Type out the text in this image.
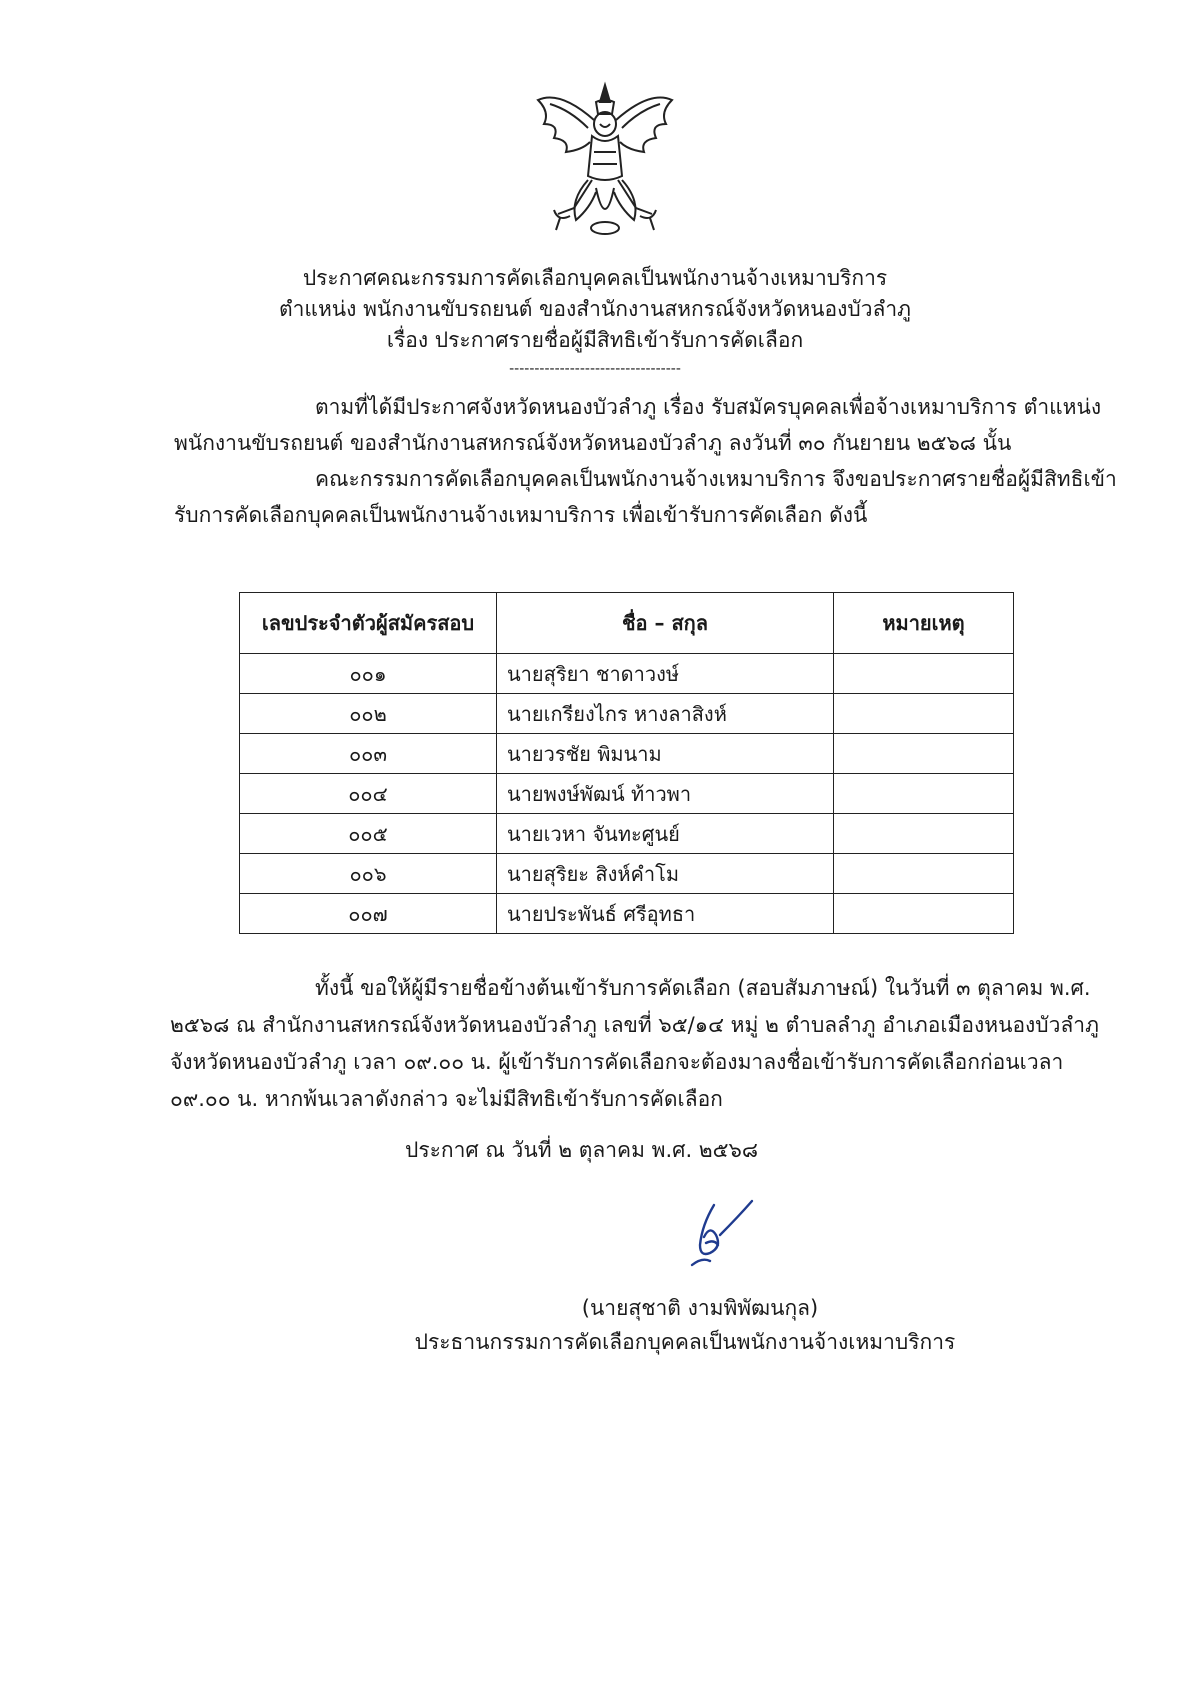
ประกาศคณะกรรมการคัดเลือกบุคคลเป็นพนักงานจ้างเหมาบริการ
ตำแหน่ง พนักงานขับรถยนต์ ของสำนักงานสหกรณ์จังหวัดหนองบัวลำภู
เรื่อง ประกาศรายชื่อผู้มีสิทธิเข้ารับการคัดเลือก
----------------------------------
ตามที่ได้มีประกาศจังหวัดหนองบัวลำภู เรื่อง รับสมัครบุคคลเพื่อจ้างเหมาบริการ ตำแหน่ง
พนักงานขับรถยนต์ ของสำนักงานสหกรณ์จังหวัดหนองบัวลำภู ลงวันที่ ๓๐ กันยายน ๒๕๖๘ นั้น
คณะกรรมการคัดเลือกบุคคลเป็นพนักงานจ้างเหมาบริการ จึงขอประกาศรายชื่อผู้มีสิทธิเข้า
รับการคัดเลือกบุคคลเป็นพนักงานจ้างเหมาบริการ เพื่อเข้ารับการคัดเลือก ดังนี้
เลขประจำตัวผู้สมัครสอบ	ชื่อ – สกุล	หมายเหตุ
๐๐๑	นายสุริยา ชาดาวงษ์	
๐๐๒	นายเกรียงไกร หางลาสิงห์	
๐๐๓	นายวรชัย พิมนาม	
๐๐๔	นายพงษ์พัฒน์ ท้าวพา	
๐๐๕	นายเวหา จันทะศูนย์	
๐๐๖	นายสุริยะ สิงห์คำโม	
๐๐๗	นายประพันธ์ ศรีอุทธา	
ทั้งนี้ ขอให้ผู้มีรายชื่อข้างต้นเข้ารับการคัดเลือก (สอบสัมภาษณ์) ในวันที่ ๓ ตุลาคม พ.ศ.
๒๕๖๘ ณ สำนักงานสหกรณ์จังหวัดหนองบัวลำภู เลขที่ ๖๕/๑๔ หมู่ ๒ ตำบลลำภู อำเภอเมืองหนองบัวลำภู
จังหวัดหนองบัวลำภู เวลา ๐๙.๐๐ น. ผู้เข้ารับการคัดเลือกจะต้องมาลงชื่อเข้ารับการคัดเลือกก่อนเวลา
๐๙.๐๐ น. หากพ้นเวลาดังกล่าว จะไม่มีสิทธิเข้ารับการคัดเลือก
ประกาศ ณ วันที่ ๒ ตุลาคม พ.ศ. ๒๕๖๘
(นายสุชาติ งามพิพัฒนกุล)
ประธานกรรมการคัดเลือกบุคคลเป็นพนักงานจ้างเหมาบริการ
